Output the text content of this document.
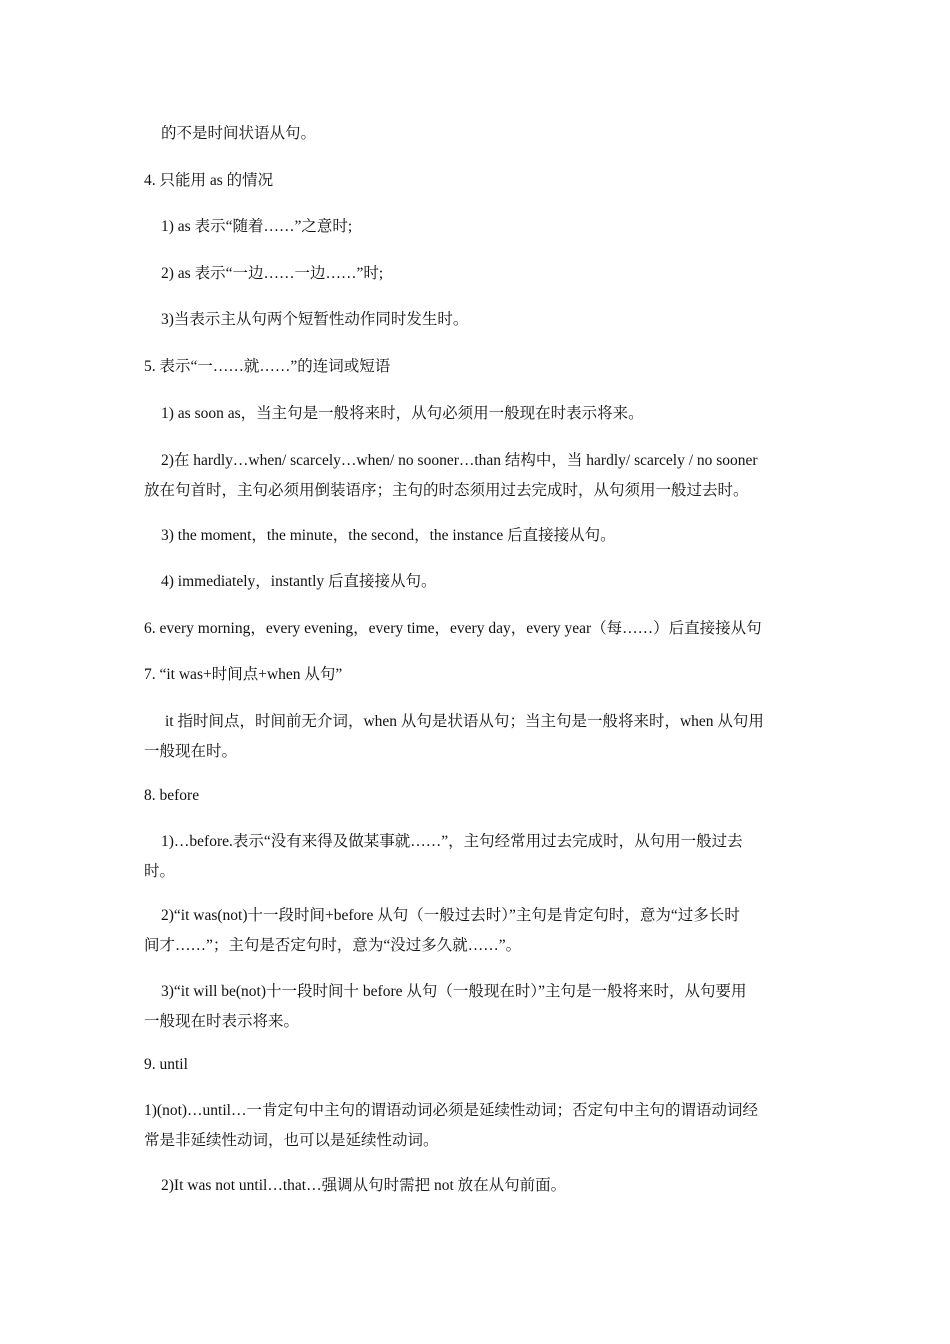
的不是时间状语从句。
4. 只能用 as 的情况
1) as 表示“随着……”之意时;
2) as 表示“一边……一边……”时;
3)当表示主从句两个短暂性动作同时发生时。
5. 表示“一……就……”的连词或短语
1) as soon as，当主句是一般将来时，从句必须用一般现在时表示将来。
2)在 hardly…when/ scarcely…when/ no sooner…than 结构中，当 hardly/ scarcely / no sooner
放在句首时，主句必须用倒装语序；主句的时态须用过去完成时，从句须用一般过去时。
3) the moment，the minute，the second，the instance 后直接接从句。
4) immediately，instantly 后直接接从句。
6. every morning，every evening，every time，every day，every year（每……）后直接接从句
7. “it was+时间点+when 从句”
it 指时间点，时间前无介词，when 从句是状语从句；当主句是一般将来时，when 从句用
一般现在时。
8. before
1)…before.表示“没有来得及做某事就……”，主句经常用过去完成时，从句用一般过去
时。
2)“it was(not)十一段时间+before 从句（一般过去时）”主句是肯定句时，意为“过多长时
间才……”；主句是否定句时，意为“没过多久就……”。
3)“it will be(not)十一段时间十 before 从句（一般现在时）”主句是一般将来时，从句要用
一般现在时表示将来。
9. until
1)(not)…until…一肯定句中主句的谓语动词必须是延续性动词；否定句中主句的谓语动词经
常是非延续性动词，也可以是延续性动词。
2)It was not until…that…强调从句时需把 not 放在从句前面。
